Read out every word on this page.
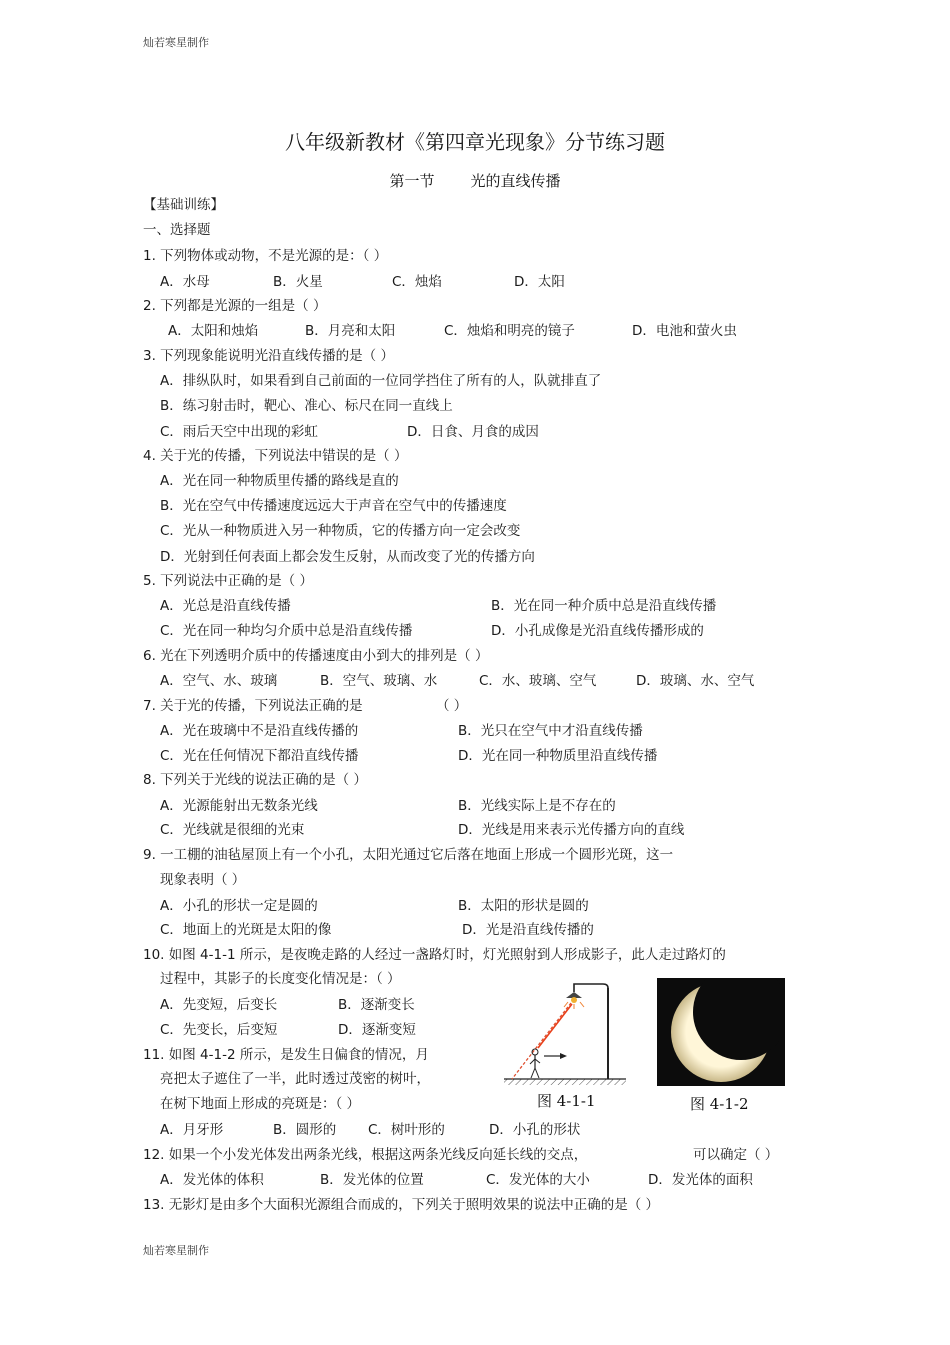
灿若寒星制作
八年级新教材《第四章光现象》分节练习题
第一节 光的直线传播
【基础训练】
一、选择题
1. 下列物体或动物，不是光源的是：（ ）
A．水母	B．火星	C．烛焰	D．太阳
2. 下列都是光源的一组是（ ）
A．太阳和烛焰	B．月亮和太阳	C．烛焰和明亮的镜子	D．电池和萤火虫
3. 下列现象能说明光沿直线传播的是（ ）
A．排纵队时，如果看到自己前面的一位同学挡住了所有的人，队就排直了
B．练习射击时，靶心、准心、标尺在同一直线上
C．雨后天空中出现的彩虹	D．日食、月食的成因
4. 关于光的传播，下列说法中错误的是（ ）
A．光在同一种物质里传播的路线是直的
B．光在空气中传播速度远远大于声音在空气中的传播速度
C．光从一种物质进入另一种物质，它的传播方向一定会改变
D．光射到任何表面上都会发生反射，从而改变了光的传播方向
5. 下列说法中正确的是（ ）
A．光总是沿直线传播	B．光在同一种介质中总是沿直线传播
C．光在同一种均匀介质中总是沿直线传播	D．小孔成像是光沿直线传播形成的
6. 光在下列透明介质中的传播速度由小到大的排列是（ ）
A．空气、水、玻璃	B．空气、玻璃、水	C．水、玻璃、空气	D．玻璃、水、空气
7. 关于光的传播，下列说法正确的是	（ ）
A．光在玻璃中不是沿直线传播的	B．光只在空气中才沿直线传播
C．光在任何情况下都沿直线传播	D．光在同一种物质里沿直线传播
8. 下列关于光线的说法正确的是（ ）
A．光源能射出无数条光线	B．光线实际上是不存在的
C．光线就是很细的光束	D．光线是用来表示光传播方向的直线
9. 一工棚的油毡屋顶上有一个小孔，太阳光通过它后落在地面上形成一个圆形光斑，这一
现象表明（ ）
A．小孔的形状一定是圆的	B．太阳的形状是圆的
C．地面上的光斑是太阳的像	D．光是沿直线传播的
10. 如图 4-1-1 所示，是夜晚走路的人经过一盏路灯时，灯光照射到人形成影子，此人走过路灯的
过程中，其影子的长度变化情况是：（ ）
A．先变短，后变长	B．逐渐变长
C．先变长，后变短	D．逐渐变短
11. 如图 4-1-2 所示，是发生日偏食的情况，月
亮把太子遮住了一半，此时透过茂密的树叶，
在树下地面上形成的亮斑是：（ ）
A．月牙形	B．圆形的 C．树叶形的	D．小孔的形状
12. 如果一个小发光体发出两条光线，根据这两条光线反向延长线的交点，	可以确定（ ）
A．发光体的体积	B．发光体的位置	C．发光体的大小	D．发光体的面积
13. 无影灯是由多个大面积光源组合而成的，下列关于照明效果的说法中正确的是（ ）
图 4-1-1	图 4-1-2
灿若寒星制作
